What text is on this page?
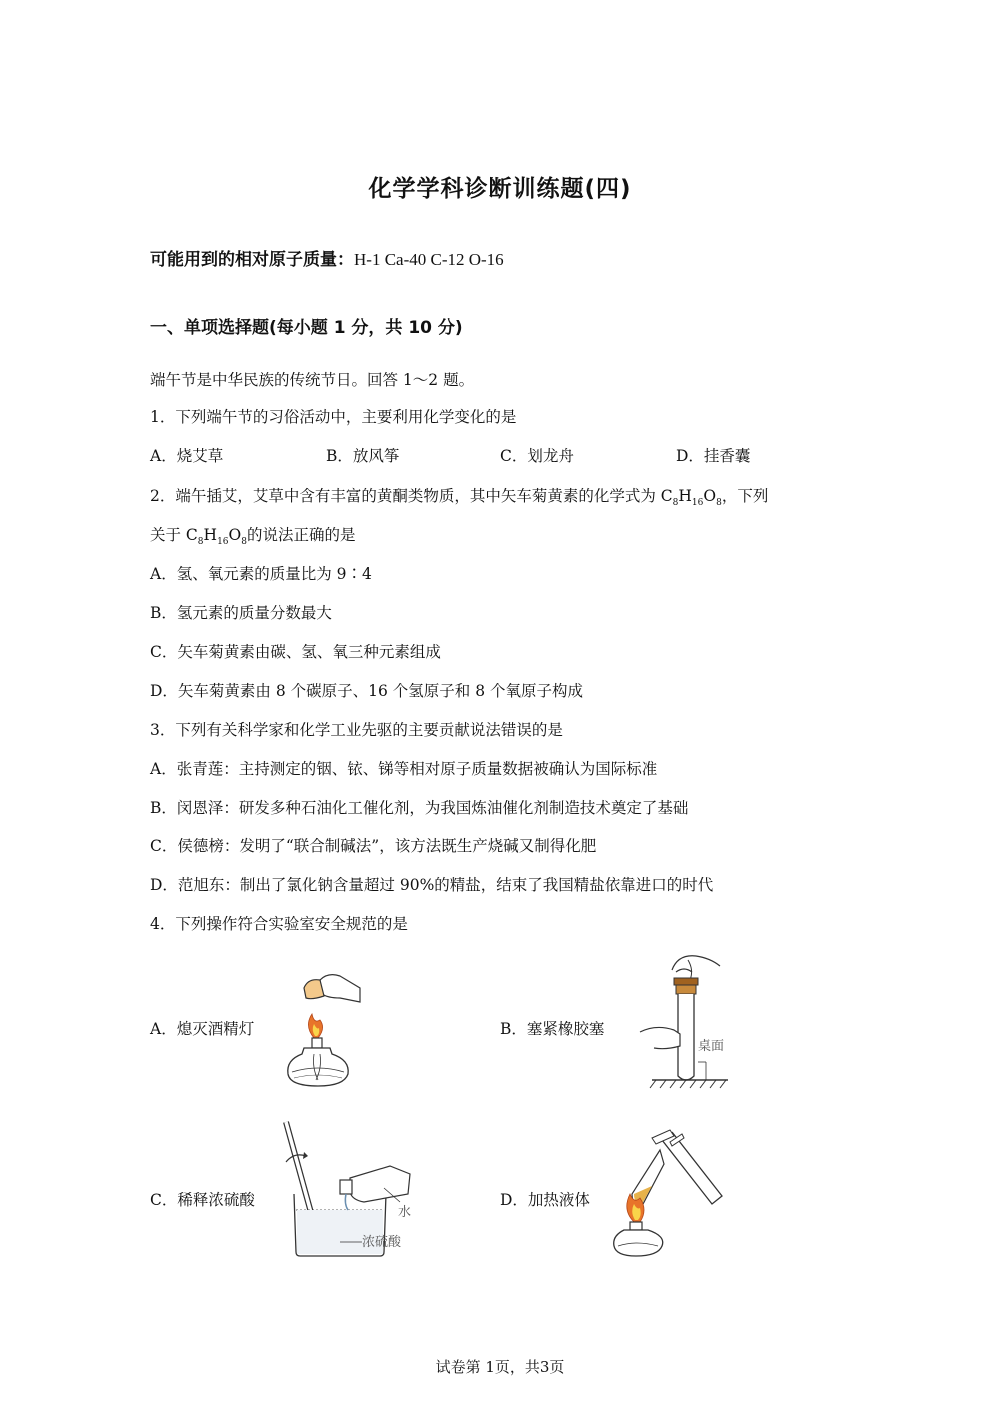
化学学科诊断训练题(四)
可能用到的相对原子质量：H-1 Ca-40 C-12 O-16
一、单项选择题(每小题 1 分，共 10 分)
端午节是中华民族的传统节日。回答 1～2 题。
1．下列端午节的习俗活动中，主要利用化学变化的是
A．烧艾草	B．放风筝	C．划龙舟	D．挂香囊
2．端午插艾，艾草中含有丰富的黄酮类物质，其中矢车菊黄素的化学式为 $C_8H_{16}O_8$，下列
关于 $C_8H_{16}O_8$的说法正确的是
A．氢、氧元素的质量比为 9∶4
B．氢元素的质量分数最大
C．矢车菊黄素由碳、氢、氧三种元素组成
D．矢车菊黄素由 8 个碳原子、16 个氢原子和 8 个氧原子构成
3．下列有关科学家和化学工业先驱的主要贡献说法错误的是
A．张青莲：主持测定的铟、铱、锑等相对原子质量数据被确认为国际标准
B．闵恩泽：研发多种石油化工催化剂，为我国炼油催化剂制造技术奠定了基础
C．侯德榜：发明了“联合制碱法”，该方法既生产烧碱又制得化肥
D．范旭东：制出了氯化钠含量超过 90%的精盐，结束了我国精盐依靠进口的时代
4．下列操作符合实验室安全规范的是
A．熄灭酒精灯	B．塞紧橡胶塞
C．稀释浓硫酸	D．加热液体
桌面
水
浓硫酸
试卷第 1页，共3页
